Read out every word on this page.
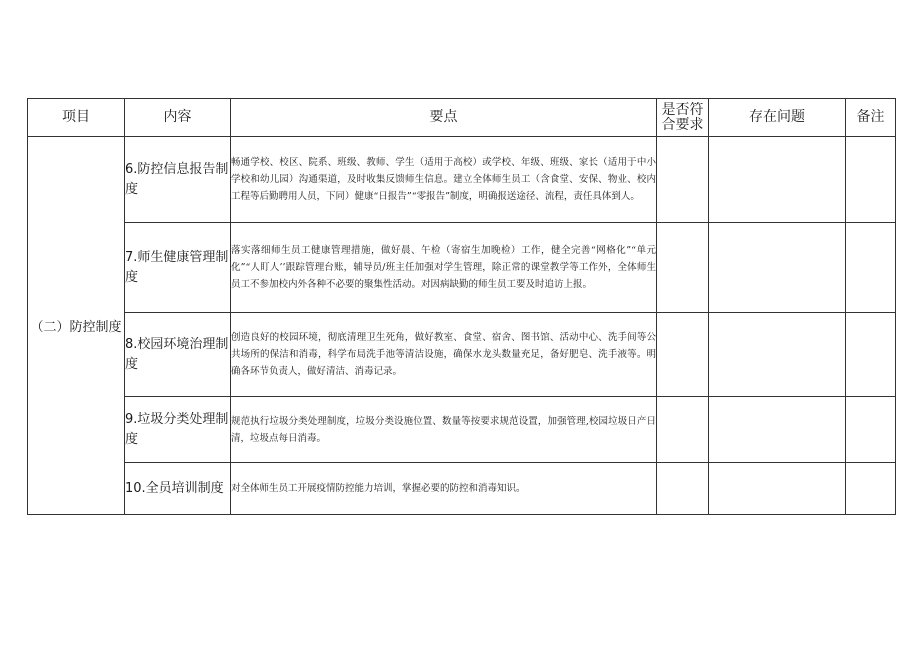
项目	内容	要点	是否符合要求	存在问题	备注
（二）防控制度	6.防控信息报告制度	畅通学校、校区、院系、班级、教师、学生（适用于高校）或学校、年级、班级、家长（适用于中小学校和幼儿园）沟通渠道，及时收集反馈师生信息。建立全体师生员工（含食堂、安保、物业、校内工程等后勤聘用人员，下同）健康“日报告”“零报告”制度，明确报送途径、流程，责任具体到人。			
	7.师生健康管理制度	落实落细师生员工健康管理措施，做好晨、午检（寄宿生加晚检）工作，健全完善“网格化”“单元化”“人盯人’’跟踪管理台账，辅导员/班主任加强对学生管理，除正常的课堂教学等工作外，全体师生员工不参加校内外各种不必要的聚集性活动。对因病缺勤的师生员工要及时追访上报。			
	8.校园环境治理制度	创造良好的校园环境，彻底清理卫生死角，做好教室、食堂、宿舍、图书馆、活动中心、洗手间等公共场所的保洁和消毒，科学布局洗手池等清洁设施，确保水龙头数量充足，备好肥皂、洗手液等。明确各环节负责人，做好清洁、消毒记录。			
	9.垃圾分类处理制度	规范执行垃圾分类处理制度，垃圾分类设施位置、数量等按要求规范设置，加强管理,校园垃圾日产日清，垃圾点每日消毒。			
	10.全员培训制度	对全体师生员工开展疫情防控能力培训，掌握必要的防控和消毒知识。			
